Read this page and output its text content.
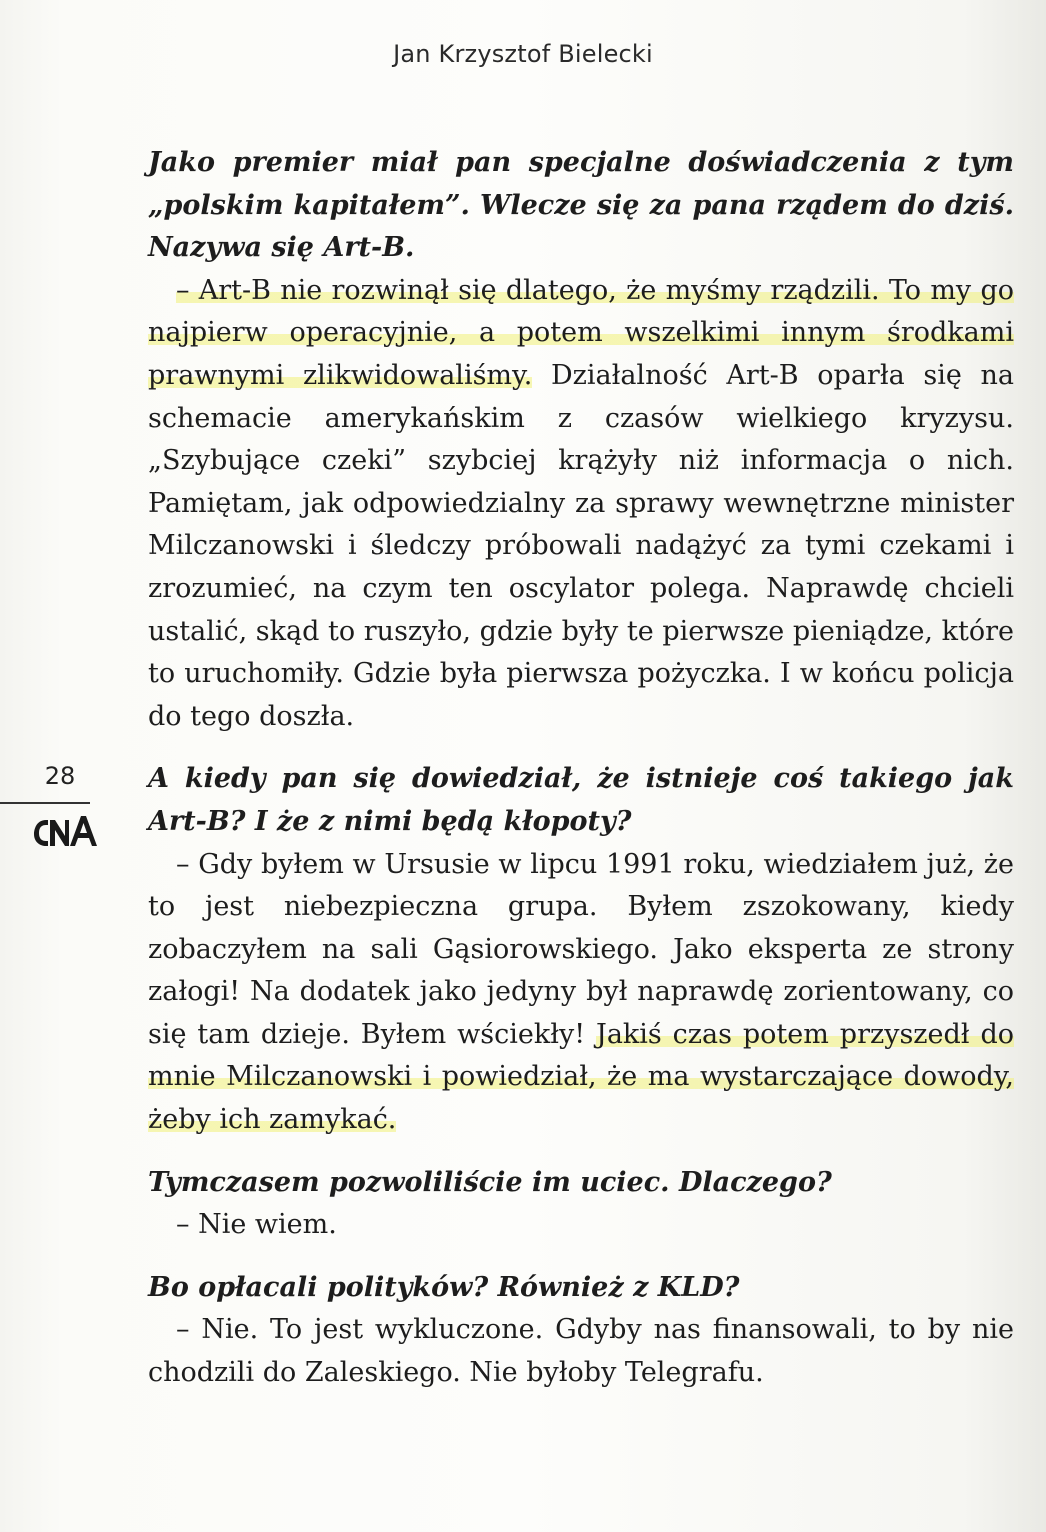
Jan Krzysztof Bielecki

Jako premier miał pan specjalne doświadczenia z tym „polskim kapitałem”. Wlecze się za pana rządem do dziś. Nazywa się Art-B.

– Art-B nie rozwinął się dlatego, że myśmy rządzili. To my go najpierw operacyjnie, a potem wszelkimi innym środkami prawnymi zlikwidowaliśmy. Działalność Art-B oparła się na schemacie amerykańskim z czasów wielkiego kryzysu. „Szybujące czeki” szybciej krążyły niż informacja o nich. Pamiętam, jak odpowiedzialny za sprawy wewnętrzne minister Milczanowski i śledczy próbowali nadążyć za tymi czekami i zrozumieć, na czym ten oscylator polega. Naprawdę chcieli ustalić, skąd to ruszyło, gdzie były te pierwsze pieniądze, które to uruchomiły. Gdzie była pierwsza pożyczka. I w końcu policja do tego doszła.

A kiedy pan się dowiedział, że istnieje coś takiego jak Art-B? I że z nimi będą kłopoty?

– Gdy byłem w Ursusie w lipcu 1991 roku, wiedziałem już, że to jest niebezpieczna grupa. Byłem zszokowany, kiedy zobaczyłem na sali Gąsiorowskiego. Jako eksperta ze strony załogi! Na dodatek jako jedyny był naprawdę zorientowany, co się tam dzieje. Byłem wściekły! Jakiś czas potem przyszedł do mnie Milczanowski i powiedział, że ma wystarczające dowody, żeby ich zamykać.

Tymczasem pozwoliliście im uciec. Dlaczego?

– Nie wiem.

Bo opłacali polityków? Również z KLD?

– Nie. To jest wykluczone. Gdyby nas finansowali, to by nie chodzili do Zaleskiego. Nie byłoby Telegrafu.

28
